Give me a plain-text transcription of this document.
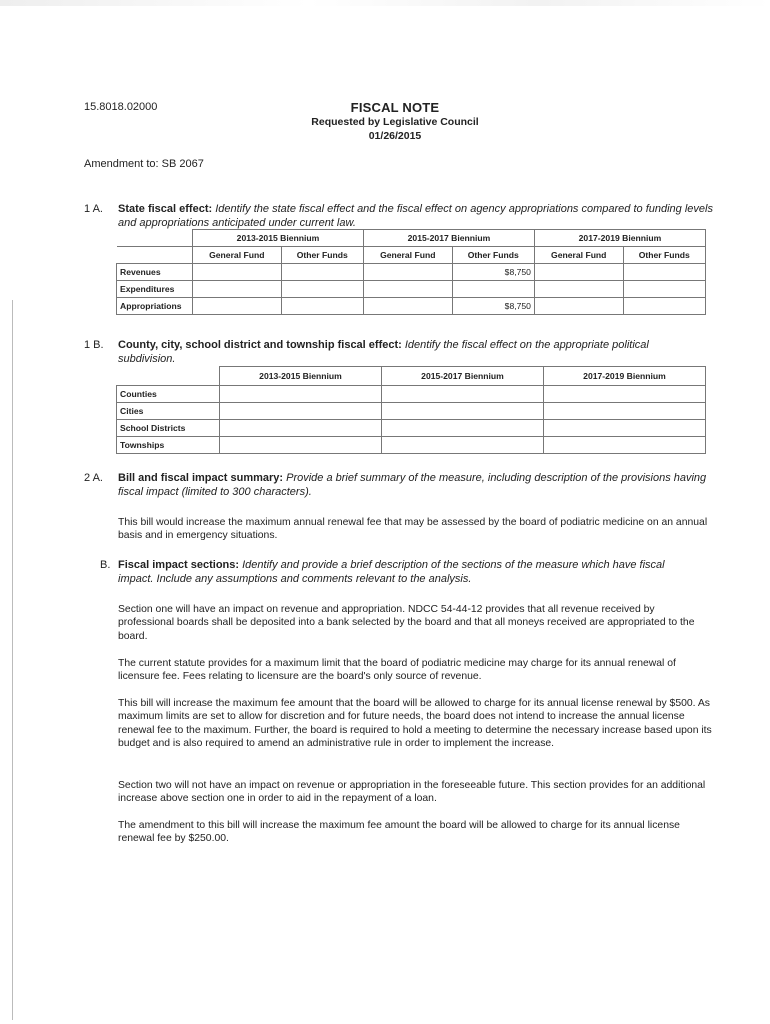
15.8018.02000	FISCAL NOTE
Requested by Legislative Council
01/26/2015
Amendment to: SB 2067
1 A. State fiscal effect: Identify the state fiscal effect and the fiscal effect on agency appropriations compared to funding levels and appropriations anticipated under current law.
	2013-2015 Biennium		2015-2017 Biennium		2017-2019 Biennium	
	General Fund	Other Funds	General Fund	Other Funds	General Fund	Other Funds
Revenues				$8,750		
Expenditures						
Appropriations				$8,750		
1 B. County, city, school district and township fiscal effect: Identify the fiscal effect on the appropriate political subdivision.
	2013-2015 Biennium	2015-2017 Biennium	2017-2019 Biennium
Counties			
Cities			
School Districts			
Townships			
2 A. Bill and fiscal impact summary: Provide a brief summary of the measure, including description of the provisions having fiscal impact (limited to 300 characters).
This bill would increase the maximum annual renewal fee that may be assessed by the board of podiatric medicine on an annual basis and in emergency situations.
B. Fiscal impact sections: Identify and provide a brief description of the sections of the measure which have fiscal impact. Include any assumptions and comments relevant to the analysis.
Section one will have an impact on revenue and appropriation. NDCC 54-44-12 provides that all revenue received by professional boards shall be deposited into a bank selected by the board and that all moneys received are appropriated to the board.
The current statute provides for a maximum limit that the board of podiatric medicine may charge for its annual renewal of licensure fee. Fees relating to licensure are the board's only source of revenue.
This bill will increase the maximum fee amount that the board will be allowed to charge for its annual license renewal by $500. As maximum limits are set to allow for discretion and for future needs, the board does not intend to increase the annual license renewal fee to the maximum. Further, the board is required to hold a meeting to determine the necessary increase based upon its budget and is also required to amend an administrative rule in order to implement the increase.
Section two will not have an impact on revenue or appropriation in the foreseeable future. This section provides for an additional increase above section one in order to aid in the repayment of a loan.
The amendment to this bill will increase the maximum fee amount the board will be allowed to charge for its annual license renewal fee by $250.00.
